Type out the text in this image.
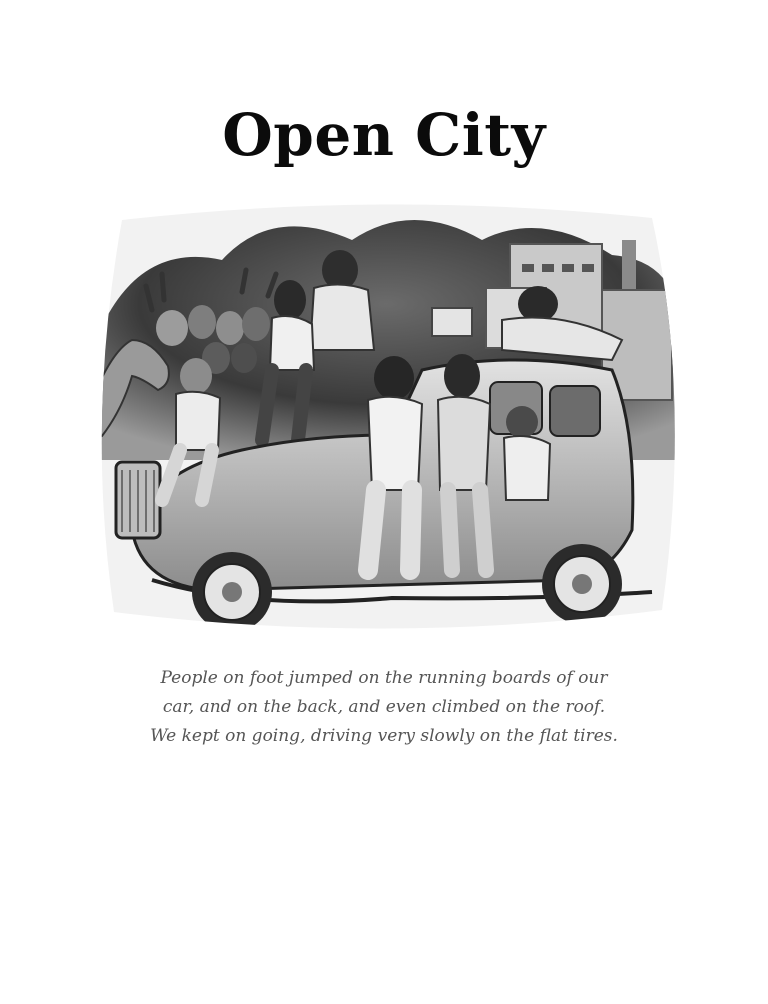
Open City
People on foot jumped on the running boards of our
car, and on the back, and even climbed on the roof.
We kept on going, driving very slowly on the flat tires.
